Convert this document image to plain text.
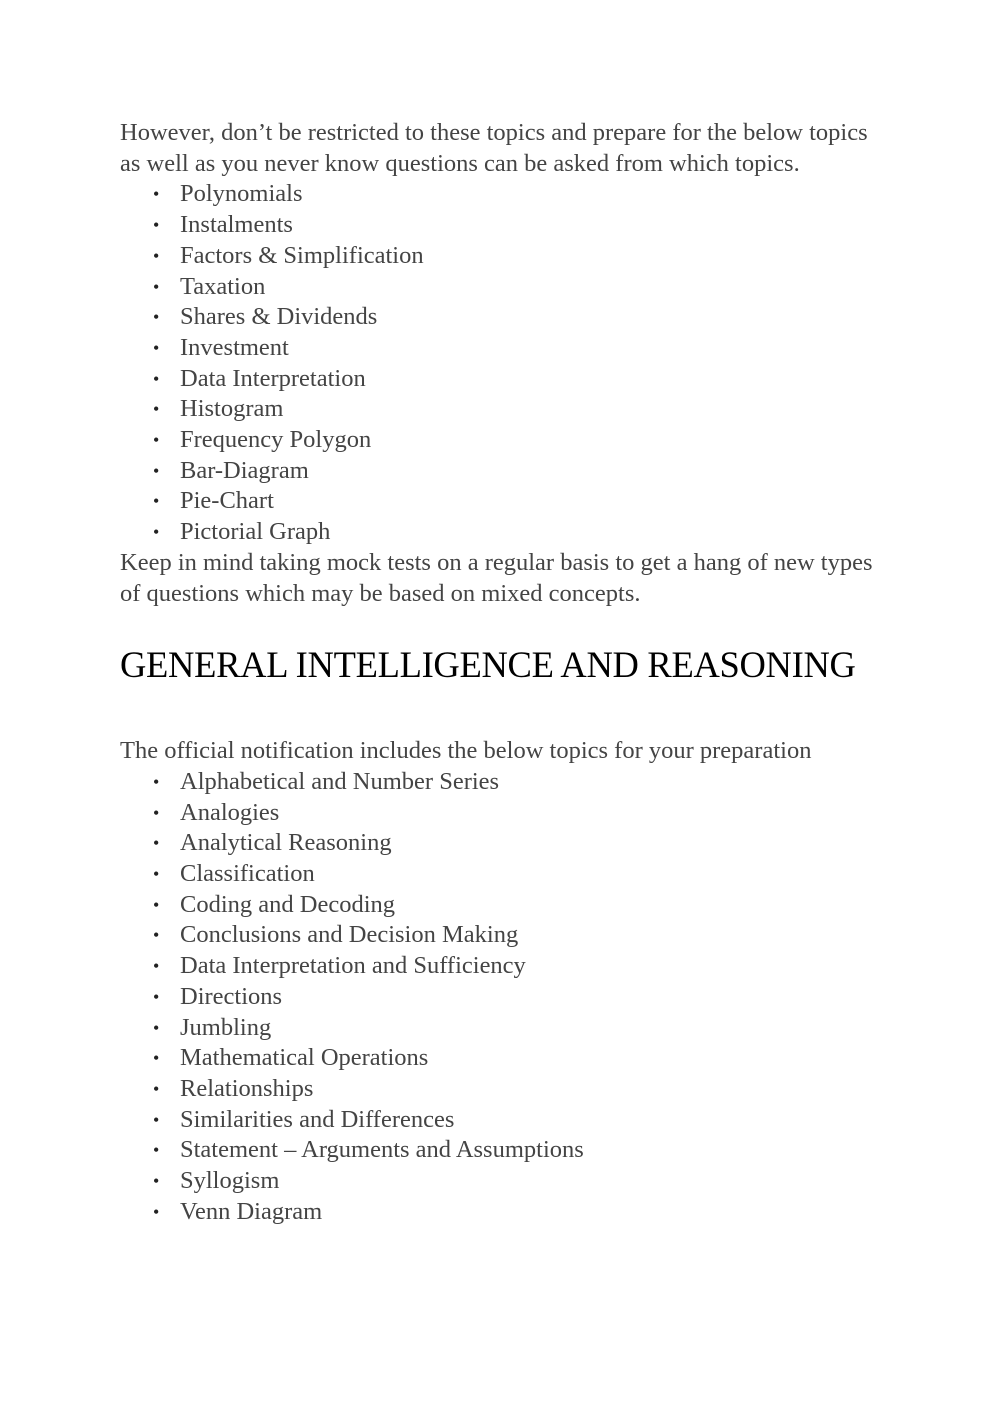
However, don’t be restricted to these topics and prepare for the below topics as well as you never know questions can be asked from which topics.

• Polynomials
• Instalments
• Factors & Simplification
• Taxation
• Shares & Dividends
• Investment
• Data Interpretation
• Histogram
• Frequency Polygon
• Bar-Diagram
• Pie-Chart
• Pictorial Graph

Keep in mind taking mock tests on a regular basis to get a hang of new types of questions which may be based on mixed concepts.

GENERAL INTELLIGENCE AND REASONING

The official notification includes the below topics for your preparation

• Alphabetical and Number Series
• Analogies
• Analytical Reasoning
• Classification
• Coding and Decoding
• Conclusions and Decision Making
• Data Interpretation and Sufficiency
• Directions
• Jumbling
• Mathematical Operations
• Relationships
• Similarities and Differences
• Statement – Arguments and Assumptions
• Syllogism
• Venn Diagram
